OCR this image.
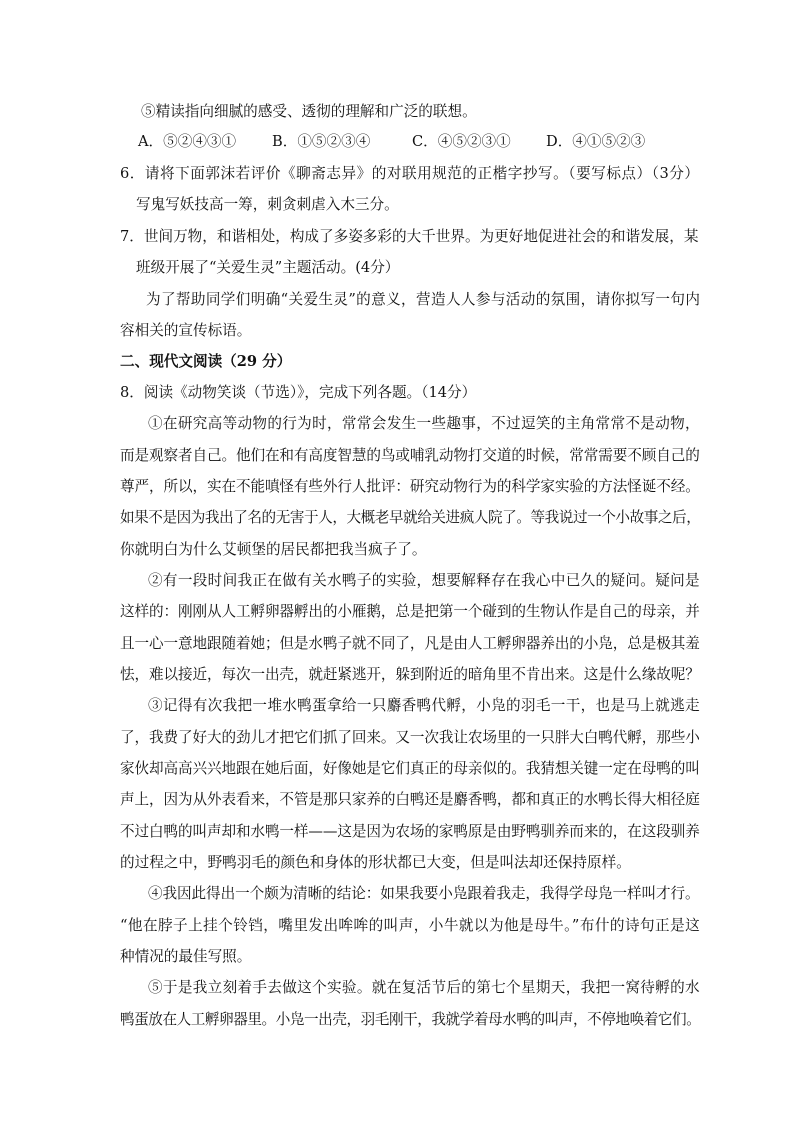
⑤精读指向细腻的感受、透彻的理解和广泛的联想。
A．⑤②④③① B．①⑤②③④	C．④⑤②③① D．④①⑤②③
6．请将下面郭沫若评价《聊斋志异》的对联用规范的正楷字抄写。（要写标点）（3分）
写鬼写妖技高一筹，刺贪刺虐入木三分。
7．世间万物，和谐相处，构成了多姿多彩的大千世界。为更好地促进社会的和谐发展，某
班级开展了“关爱生灵”主题活动。(4分）
为了帮助同学们明确“关爱生灵”的意义，营造人人参与活动的氛围，请你拟写一句内
容相关的宣传标语。
二、现代文阅读（29 分）
8．阅读《动物笑谈（节选）》，完成下列各题。（14分）
①在研究高等动物的行为时，常常会发生一些趣事，不过逗笑的主角常常不是动物，
而是观察者自己。他们在和有高度智慧的鸟或哺乳动物打交道的时候，常常需要不顾自己的
尊严，所以，实在不能嗔怪有些外行人批评：研究动物行为的科学家实验的方法怪诞不经。
如果不是因为我出了名的无害于人，大概老早就给关进疯人院了。等我说过一个小故事之后，
你就明白为什么艾顿堡的居民都把我当疯子了。
②有一段时间我正在做有关水鸭子的实验，想要解释存在我心中已久的疑问。疑问是
这样的：刚刚从人工孵卵器孵出的小雁鹅，总是把第一个碰到的生物认作是自己的母亲，并
且一心一意地跟随着她；但是水鸭子就不同了，凡是由人工孵卵器养出的小凫，总是极其羞
怯，难以接近，每次一出壳，就赶紧逃开，躲到附近的暗角里不肯出来。这是什么缘故呢？
③记得有次我把一堆水鸭蛋拿给一只麝香鸭代孵，小凫的羽毛一干，也是马上就逃走
了，我费了好大的劲儿才把它们抓了回来。又一次我让农场里的一只胖大白鸭代孵，那些小
家伙却高高兴兴地跟在她后面，好像她是它们真正的母亲似的。我猜想关键一定在母鸭的叫
声上，因为从外表看来，不管是那只家养的白鸭还是麝香鸭，都和真正的水鸭长得大相径庭
不过白鸭的叫声却和水鸭一样——这是因为农场的家鸭原是由野鸭驯养而来的，在这段驯养
的过程之中，野鸭羽毛的颜色和身体的形状都已大变，但是叫法却还保持原样。
④我因此得出一个颇为清晰的结论：如果我要小凫跟着我走，我得学母凫一样叫才行。
“他在脖子上挂个铃铛，嘴里发出哞哞的叫声，小牛就以为他是母牛。”布什的诗句正是这
种情况的最佳写照。
⑤于是我立刻着手去做这个实验。就在复活节后的第七个星期天，我把一窝待孵的水
鸭蛋放在人工孵卵器里。小凫一出壳，羽毛刚干，我就学着母水鸭的叫声，不停地唤着它们。
